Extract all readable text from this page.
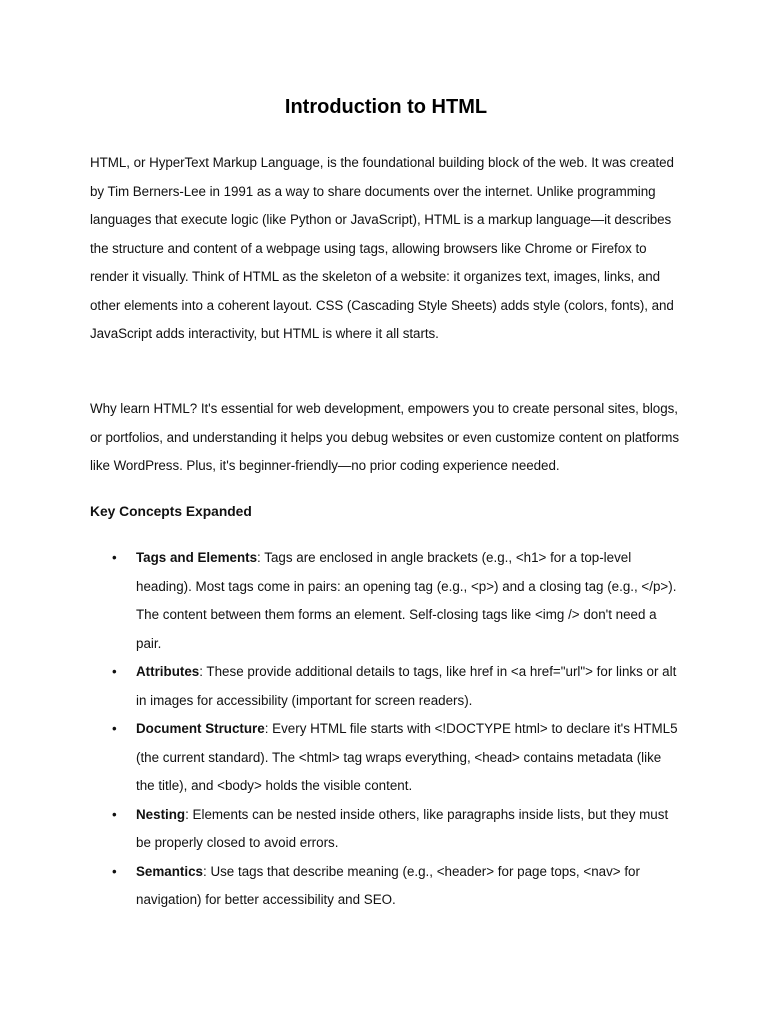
Introduction to HTML

HTML, or HyperText Markup Language, is the foundational building block of the web. It was created by Tim Berners-Lee in 1991 as a way to share documents over the internet. Unlike programming languages that execute logic (like Python or JavaScript), HTML is a markup language—it describes the structure and content of a webpage using tags, allowing browsers like Chrome or Firefox to render it visually. Think of HTML as the skeleton of a website: it organizes text, images, links, and other elements into a coherent layout. CSS (Cascading Style Sheets) adds style (colors, fonts), and JavaScript adds interactivity, but HTML is where it all starts.

Why learn HTML? It's essential for web development, empowers you to create personal sites, blogs, or portfolios, and understanding it helps you debug websites or even customize content on platforms like WordPress. Plus, it's beginner-friendly—no prior coding experience needed.

Key Concepts Expanded
• Tags and Elements: Tags are enclosed in angle brackets (e.g., <h1> for a top-level heading). Most tags come in pairs: an opening tag (e.g., <p>) and a closing tag (e.g., </p>). The content between them forms an element. Self-closing tags like <img /> don't need a pair.
• Attributes: These provide additional details to tags, like href in <a href="url"> for links or alt in images for accessibility (important for screen readers).
• Document Structure: Every HTML file starts with <!DOCTYPE html> to declare it's HTML5 (the current standard). The <html> tag wraps everything, <head> contains metadata (like the title), and <body> holds the visible content.
• Nesting: Elements can be nested inside others, like paragraphs inside lists, but they must be properly closed to avoid errors.
• Semantics: Use tags that describe meaning (e.g., <header> for page tops, <nav> for navigation) for better accessibility and SEO.
